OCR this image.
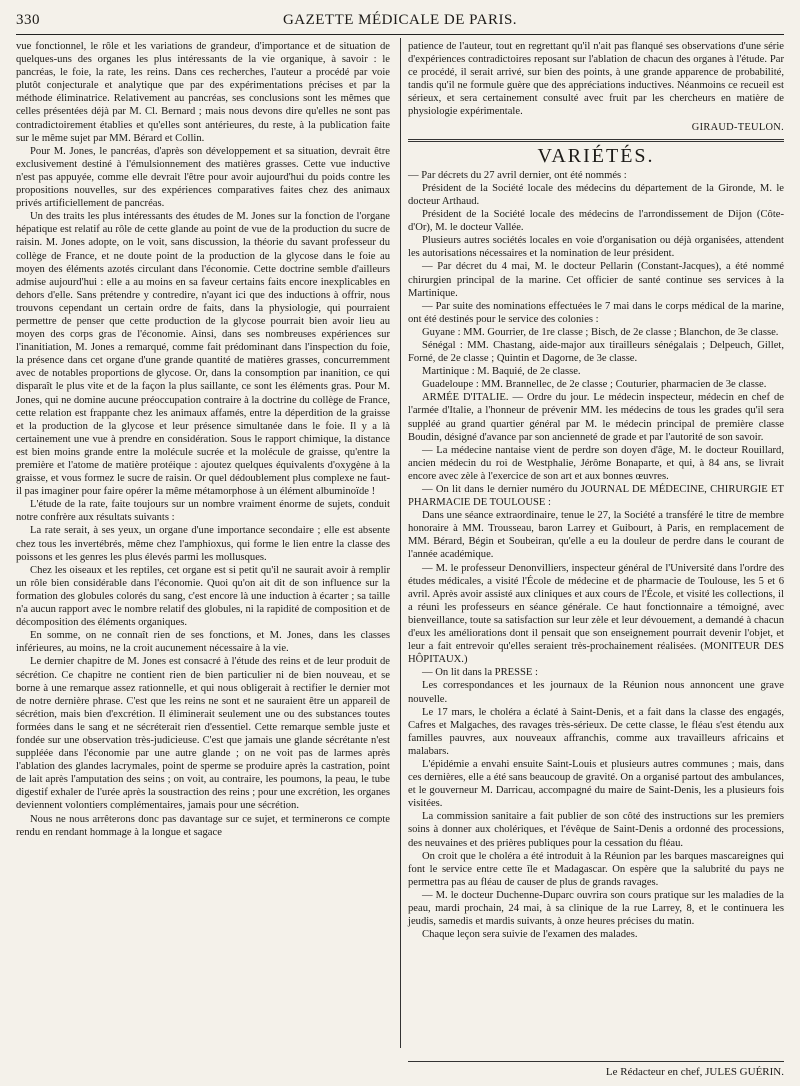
330	GAZETTE MÉDICALE DE PARIS.

vue fonctionnel, le rôle et les variations de grandeur, d'importance et de situation de quelques-uns des organes les plus intéressants de la vie organique, à savoir : le pancréas, le foie, la rate, les reins. Dans ces recherches, l'auteur a procédé par voie plutôt conjecturale et analytique que par des expérimentations précises et par la méthode éliminatrice. Relativement au pancréas, ses conclusions sont les mêmes que celles présentées déjà par M. Cl. Bernard ; mais nous devons dire qu'elles ne sont pas contradictoirement établies et qu'elles sont antérieures, du reste, à la publication faite sur le même sujet par MM. Bérard et Collin.

Pour M. Jones, le pancréas, d'après son développement et sa situation, devrait être exclusivement destiné à l'émulsionnement des matières grasses. Cette vue inductive n'est pas appuyée, comme elle devrait l'être pour avoir aujourd'hui du poids contre les propositions nouvelles, sur des expériences comparatives faites chez des animaux privés artificiellement de pancréas.

Un des traits les plus intéressants des études de M. Jones sur la fonction de l'organe hépatique est relatif au rôle de cette glande au point de vue de la production du sucre de raisin. M. Jones adopte, on le voit, sans discussion, la théorie du savant professeur du collège de France, et ne doute point de la production de la glycose dans le foie au moyen des éléments azotés circulant dans l'économie. Cette doctrine semble d'ailleurs admise aujourd'hui : elle a au moins en sa faveur certains faits encore inexplicables en dehors d'elle. Sans prétendre y contredire, n'ayant ici que des inductions à offrir, nous trouvons cependant un certain ordre de faits, dans la physiologie, qui pourraient permettre de penser que cette production de la glycose pourrait bien avoir lieu au moyen des corps gras de l'économie. Ainsi, dans ses nombreuses expériences sur l'inanitiation, M. Jones a remarqué, comme fait prédominant dans l'inspection du foie, la présence dans cet organe d'une grande quantité de matières grasses, concurremment avec de notables proportions de glycose. Or, dans la consomption par inanition, ce qui disparaît le plus vite et de la façon la plus saillante, ce sont les éléments gras. Pour M. Jones, qui ne domine aucune préoccupation contraire à la doctrine du collège de France, cette relation est frappante chez les animaux affamés, entre la déperdition de la graisse et la production de la glycose et leur présence simultanée dans le foie. Il y a là certainement une vue à prendre en considération. Sous le rapport chimique, la distance est bien moins grande entre la molécule sucrée et la molécule de graisse, qu'entre la première et l'atome de matière protéique : ajoutez quelques équivalents d'oxygène à la graisse, et vous formez le sucre de raisin. Or quel dédoublement plus complexe ne faut-il pas imaginer pour faire opérer la même métamorphose à un élément albuminoïde !

L'étude de la rate, faite toujours sur un nombre vraiment énorme de sujets, conduit notre confrère aux résultats suivants :

La rate serait, à ses yeux, un organe d'une importance secondaire ; elle est absente chez tous les invertébrés, même chez l'amphioxus, qui forme le lien entre la classe des poissons et les genres les plus élevés parmi les mollusques.

Chez les oiseaux et les reptiles, cet organe est si petit qu'il ne saurait avoir à remplir un rôle bien considérable dans l'économie. Quoi qu'on ait dit de son influence sur la formation des globules colorés du sang, c'est encore là une induction à écarter ; sa taille n'a aucun rapport avec le nombre relatif des globules, ni la rapidité de composition et de décomposition des éléments organiques.

En somme, on ne connaît rien de ses fonctions, et M. Jones, dans les classes inférieures, au moins, ne la croit aucunement nécessaire à la vie.

Le dernier chapitre de M. Jones est consacré à l'étude des reins et de leur produit de sécrétion. Ce chapitre ne contient rien de bien particulier ni de bien nouveau, et se borne à une remarque assez rationnelle, et qui nous obligerait à rectifier le dernier mot de notre dernière phrase. C'est que les reins ne sont et ne sauraient être un appareil de sécrétion, mais bien d'excrétion. Il éliminerait seulement une ou des substances toutes formées dans le sang et ne sécréterait rien d'essentiel. Cette remarque semble juste et fondée sur une observation très-judicieuse. C'est que jamais une glande sécrétante n'est suppléée dans l'économie par une autre glande ; on ne voit pas de larmes après l'ablation des glandes lacrymales, point de sperme se produire après la castration, point de lait après l'amputation des seins ; on voit, au contraire, les poumons, la peau, le tube digestif exhaler de l'urée après la soustraction des reins ; pour une excrétion, les organes deviennent volontiers complémentaires, jamais pour une sécrétion.

Nous ne nous arrêterons donc pas davantage sur ce sujet, et terminerons ce compte rendu en rendant hommage à la longue et sagace

patience de l'auteur, tout en regrettant qu'il n'ait pas flanqué ses observations d'une série d'expériences contradictoires reposant sur l'ablation de chacun des organes à l'étude. Par ce procédé, il serait arrivé, sur bien des points, à une grande apparence de probabilité, tandis qu'il ne formule guère que des appréciations inductives. Néanmoins ce recueil est sérieux, et sera certainement consulté avec fruit par les chercheurs en matière de physiologie expérimentale.

GIRAUD-TEULON.
VARIÉTÉS.

— Par décrets du 27 avril dernier, ont été nommés :

Président de la Société locale des médecins du département de la Gironde, M. le docteur Arthaud.

Président de la Société locale des médecins de l'arrondissement de Dijon (Côte-d'Or), M. le docteur Vallée.

Plusieurs autres sociétés locales en voie d'organisation ou déjà organisées, attendent les autorisations nécessaires et la nomination de leur président.

— Par décret du 4 mai, M. le docteur Pellarin (Constant-Jacques), a été nommé chirurgien principal de la marine. Cet officier de santé continue ses services à la Martinique.

— Par suite des nominations effectuées le 7 mai dans le corps médical de la marine, ont été destinés pour le service des colonies :

Guyane : MM. Gourrier, de 1re classe ; Bisch, de 2e classe ; Blanchon, de 3e classe.

Sénégal : MM. Chastang, aide-major aux tirailleurs sénégalais ; Delpeuch, Gillet, Forné, de 2e classe ; Quintin et Dagorne, de 3e classe.

Martinique : M. Baquié, de 2e classe.

Guadeloupe : MM. Brannellec, de 2e classe ; Couturier, pharmacien de 3e classe.

ARMÉE D'ITALIE. — Ordre du jour. Le médecin inspecteur, médecin en chef de l'armée d'Italie, a l'honneur de prévenir MM. les médecins de tous les grades qu'il sera suppléé au grand quartier général par M. le médecin principal de première classe Boudin, désigné d'avance par son ancienneté de grade et par l'autorité de son savoir.

— La médecine nantaise vient de perdre son doyen d'âge, M. le docteur Rouillard, ancien médecin du roi de Westphalie, Jérôme Bonaparte, et qui, à 84 ans, se livrait encore avec zèle à l'exercice de son art et aux bonnes œuvres.

— On lit dans le dernier numéro du JOURNAL DE MÉDECINE, CHIRURGIE ET PHARMACIE DE TOULOUSE :

Dans une séance extraordinaire, tenue le 27, la Société a transféré le titre de membre honoraire à MM. Trousseau, baron Larrey et Guibourt, à Paris, en remplacement de MM. Bérard, Bégin et Soubeiran, qu'elle a eu la douleur de perdre dans le courant de l'année académique.

— M. le professeur Denonvilliers, inspecteur général de l'Université dans l'ordre des études médicales, a visité l'École de médecine et de pharmacie de Toulouse, les 5 et 6 avril. Après avoir assisté aux cliniques et aux cours de l'École, et visité les collections, il a réuni les professeurs en séance générale. Ce haut fonctionnaire a témoigné, avec bienveillance, toute sa satisfaction sur leur zèle et leur dévouement, a demandé à chacun d'eux les améliorations dont il pensait que son enseignement pourrait devenir l'objet, et leur a fait entrevoir qu'elles seraient très-prochainement réalisées. (MONITEUR DES HÔPITAUX.)

— On lit dans la PRESSE :

Les correspondances et les journaux de la Réunion nous annoncent une grave nouvelle.

Le 17 mars, le choléra a éclaté à Saint-Denis, et a fait dans la classe des engagés, Cafres et Malgaches, des ravages très-sérieux. De cette classe, le fléau s'est étendu aux familles pauvres, aux nouveaux affranchis, comme aux travailleurs africains et malabars.

L'épidémie a envahi ensuite Saint-Louis et plusieurs autres communes ; mais, dans ces dernières, elle a été sans beaucoup de gravité. On a organisé partout des ambulances, et le gouverneur M. Darricau, accompagné du maire de Saint-Denis, les a plusieurs fois visitées.

La commission sanitaire a fait publier de son côté des instructions sur les premiers soins à donner aux cholériques, et l'évêque de Saint-Denis a ordonné des processions, des neuvaines et des prières publiques pour la cessation du fléau.

On croit que le choléra a été introduit à la Réunion par les barques mascareignes qui font le service entre cette île et Madagascar. On espère que la salubrité du pays ne permettra pas au fléau de causer de plus de grands ravages.

— M. le docteur Duchenne-Duparc ouvrira son cours pratique sur les maladies de la peau, mardi prochain, 24 mai, à sa clinique de la rue Larrey, 8, et le continuera les jeudis, samedis et mardis suivants, à onze heures précises du matin.

Chaque leçon sera suivie de l'examen des malades.

Le Rédacteur en chef, JULES GUÉRIN.
